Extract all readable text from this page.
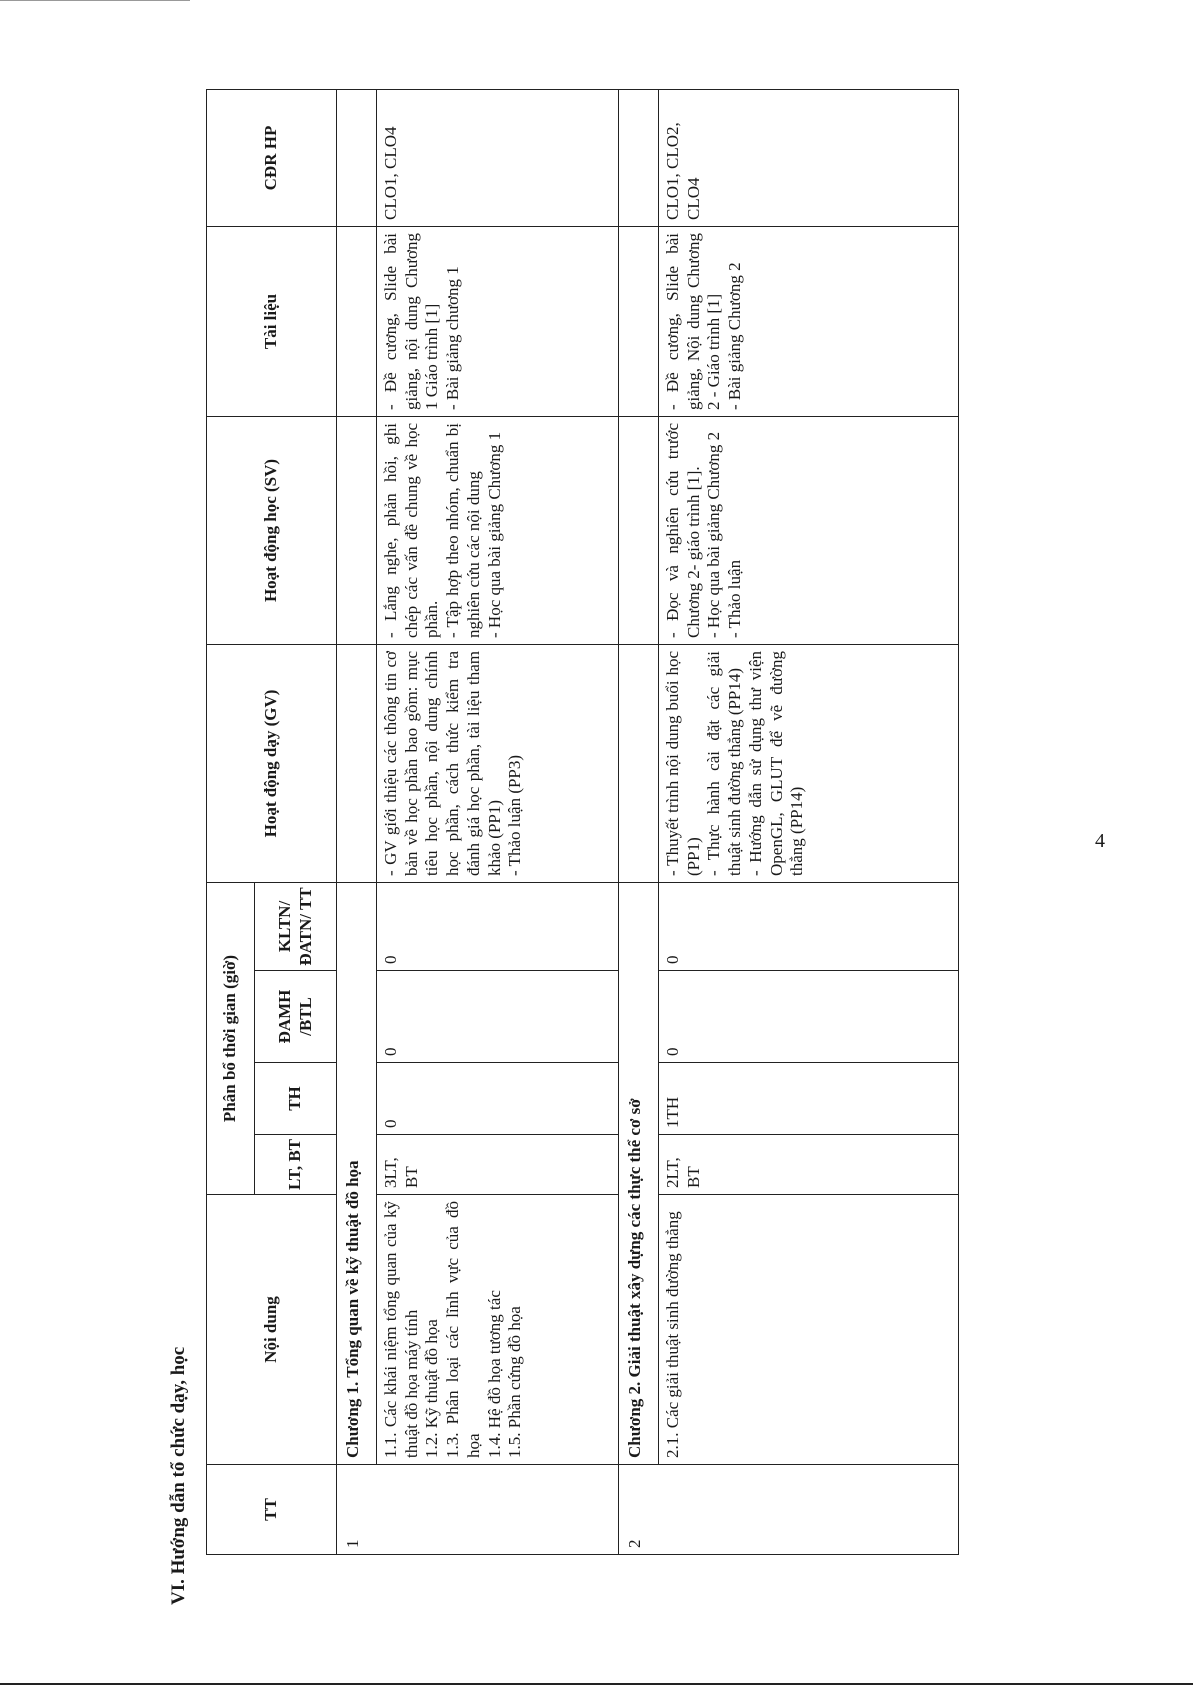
4
VI. Hướng dẫn tổ chức dạy, học	TT	Nội dung	Phân bổ thời gian (giờ)				Hoạt động dạy (GV)	Hoạt động học (SV)	Tài liệu	CĐR HP
		LT, BT	TH	ĐAMH /BTL	KLTN/ ĐATN/ TT				
1	Chương 1. Tổng quan về kỹ thuật đồ họa								

	1.1. Các khái niệm tổng quan của kỹ thuật đồ họa máy tính 1.2. Kỹ thuật đồ họa 1.3. Phân loại các lĩnh vực của đồ họa 1.4. Hệ đồ họa tương tác 1.5. Phần cứng đồ họa	3LT, BT	0	0	0	- GV giới thiệu các thông tin cơ bản về học phần bao gồm: mục tiêu học phần, nội dung chính học phần, cách thức kiểm tra đánh giá học phần, tài liệu tham khảo (PP1) - Thảo luận (PP3)	- Lắng nghe, phản hồi, ghi chép các vấn đề chung về học phần. - Tập hợp theo nhóm, chuẩn bị nghiên cứu các nội dung - Học qua bài giảng Chương 1	- Đề cương, Slide bài giảng, nội dung Chương 1 Giáo trình [1] - Bài giảng chương 1	CLO1, CLO4
2	Chương 2. Giải thuật xây dựng các thực thể cơ sở								

	2.1. Các giải thuật sinh đường thẳng	2LT, BT	1TH	0	0	- Thuyết trình nội dung buổi học (PP1) - Thực hành cài đặt các giải thuật sinh đường thẳng (PP14) - Hướng dẫn sử dụng thư viện OpenGL, GLUT để vẽ đường thẳng (PP14)	- Đọc và nghiên cứu trước Chương 2- giáo trình [1]. - Học qua bài giảng Chương 2 - Thảo luận	- Đề cương, Slide bài giảng, Nội dung Chương 2 - Giáo trình [1] - Bài giảng Chương 2	CLO1, CLO2, CLO4
